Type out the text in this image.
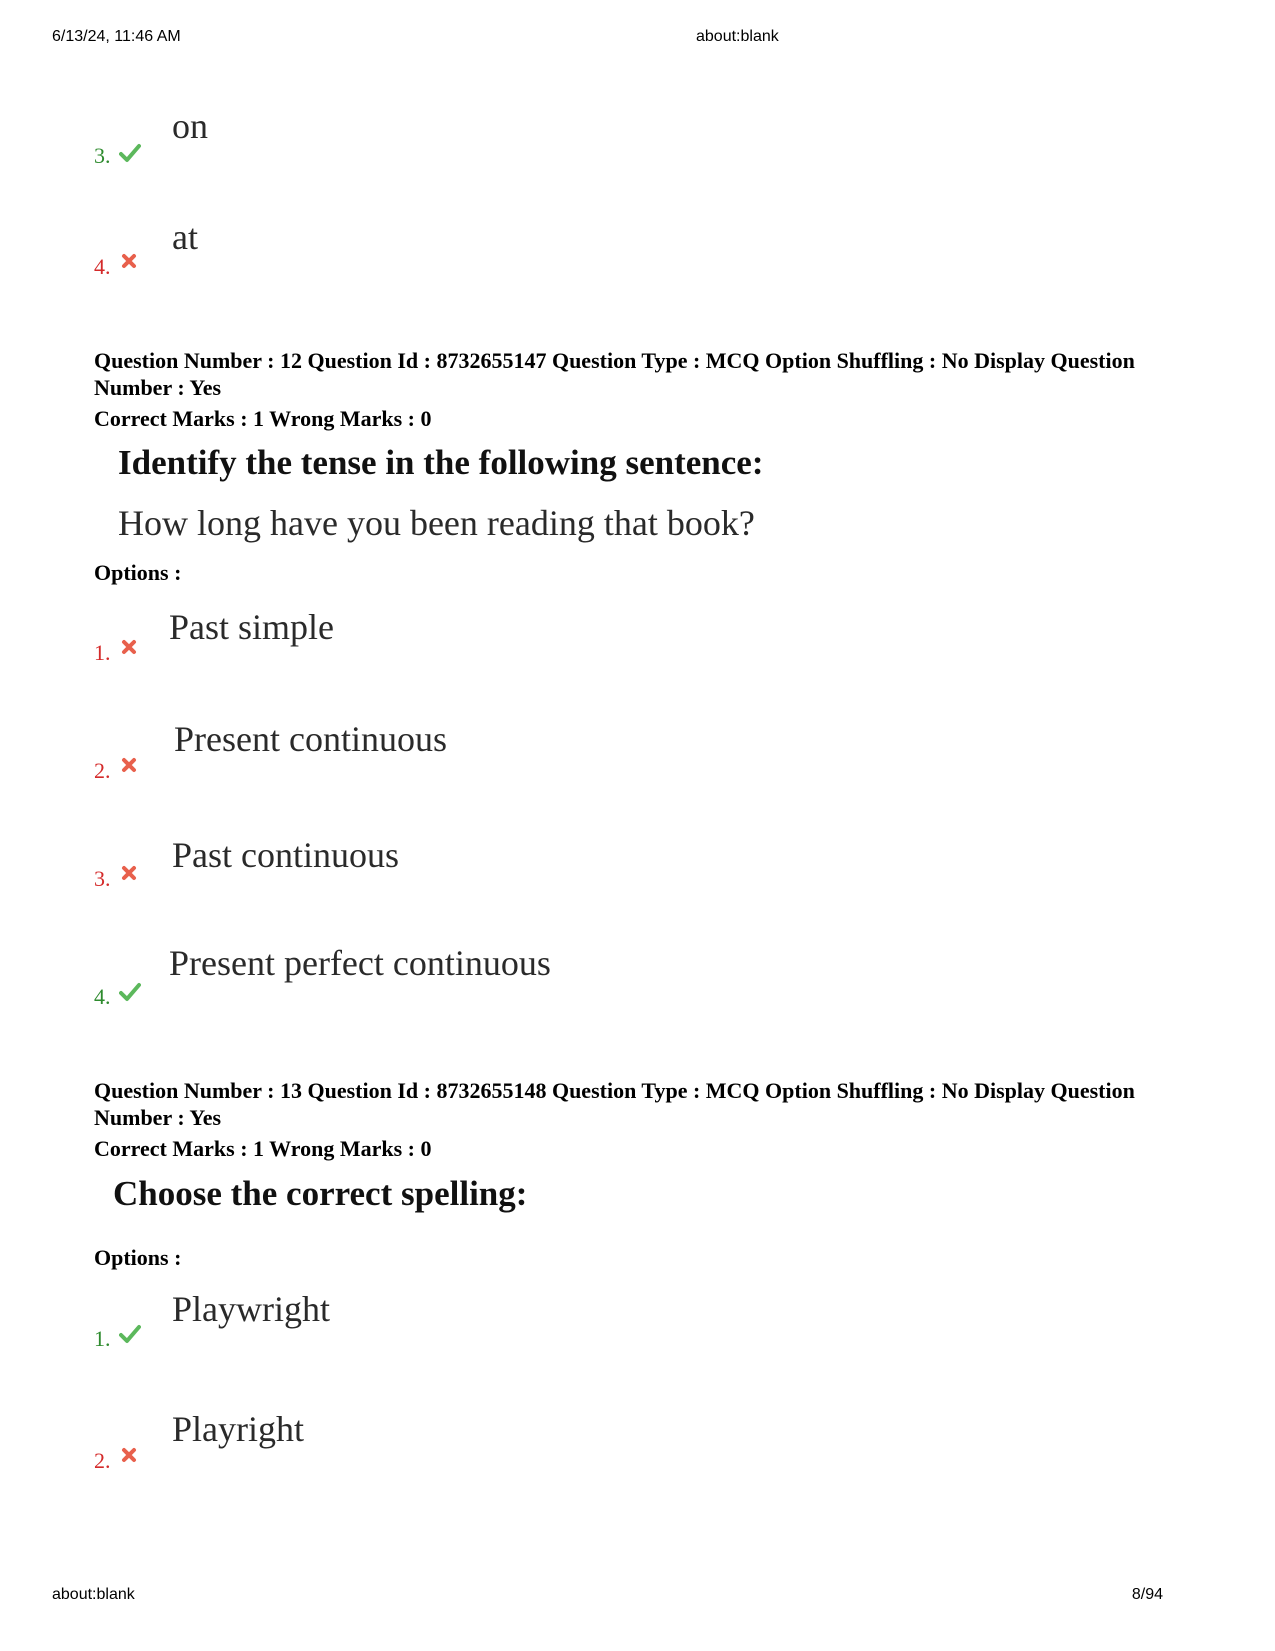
6/13/24, 11:46 AM	about:blank
3.
on
4.
at
Question Number : 12 Question Id : 8732655147 Question Type : MCQ Option Shuffling : No Display Question Number : Yes
Correct Marks : 1 Wrong Marks : 0
Identify the tense in the following sentence:
How long have you been reading that book?
Options :
1.
Past simple
2.
Present continuous
3.
Past continuous
4.
Present perfect continuous
Question Number : 13 Question Id : 8732655148 Question Type : MCQ Option Shuffling : No Display Question Number : Yes
Correct Marks : 1 Wrong Marks : 0
Choose the correct spelling:
Options :
1.
Playwright
2.
Playright
about:blank	8/94
